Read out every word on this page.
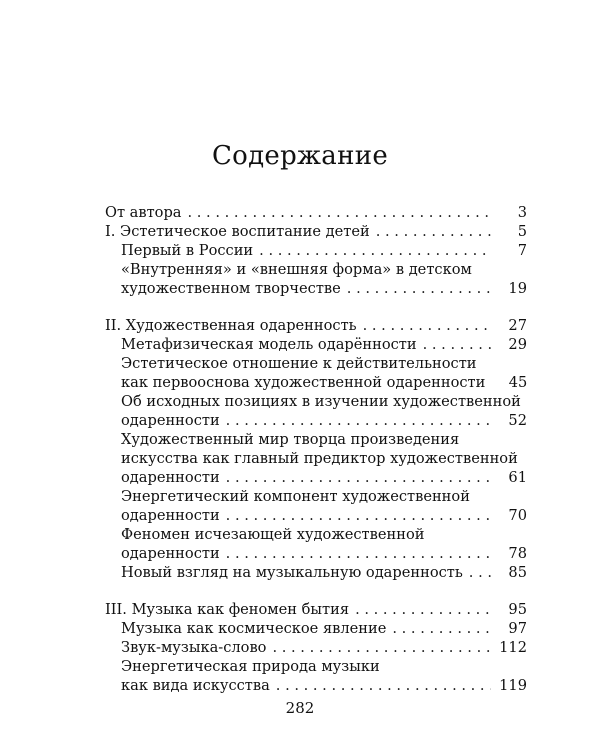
Содержание
От автора . . .	3
I. Эстетическое воспитание детей . . .	5
Первый в России . . .	7
«Внутренняя» и «внешняя форма» в детском
художественном творчестве . . .	19
II. Художественная одаренность . . .	27
Метафизическая модель одарённости . . .	29
Эстетическое отношение к действительности
как первооснова художественной одаренности	45
Об исходных позициях в изучении художественной
одаренности . . .	52
Художественный мир творца произведения
искусства как главный предиктор художественной
одаренности . . .	61
Энергетический компонент художественной
одаренности . . .	70
Феномен исчезающей художественной
одаренности . . .	78
Новый взгляд на музыкальную одаренность . . .	85
III. Музыка как феномен бытия . . .	95
Музыка как космическое явление . . .	97
Звук-музыка-слово . . .	112
Энергетическая природа музыки
как вида искусства . . .	119
282
